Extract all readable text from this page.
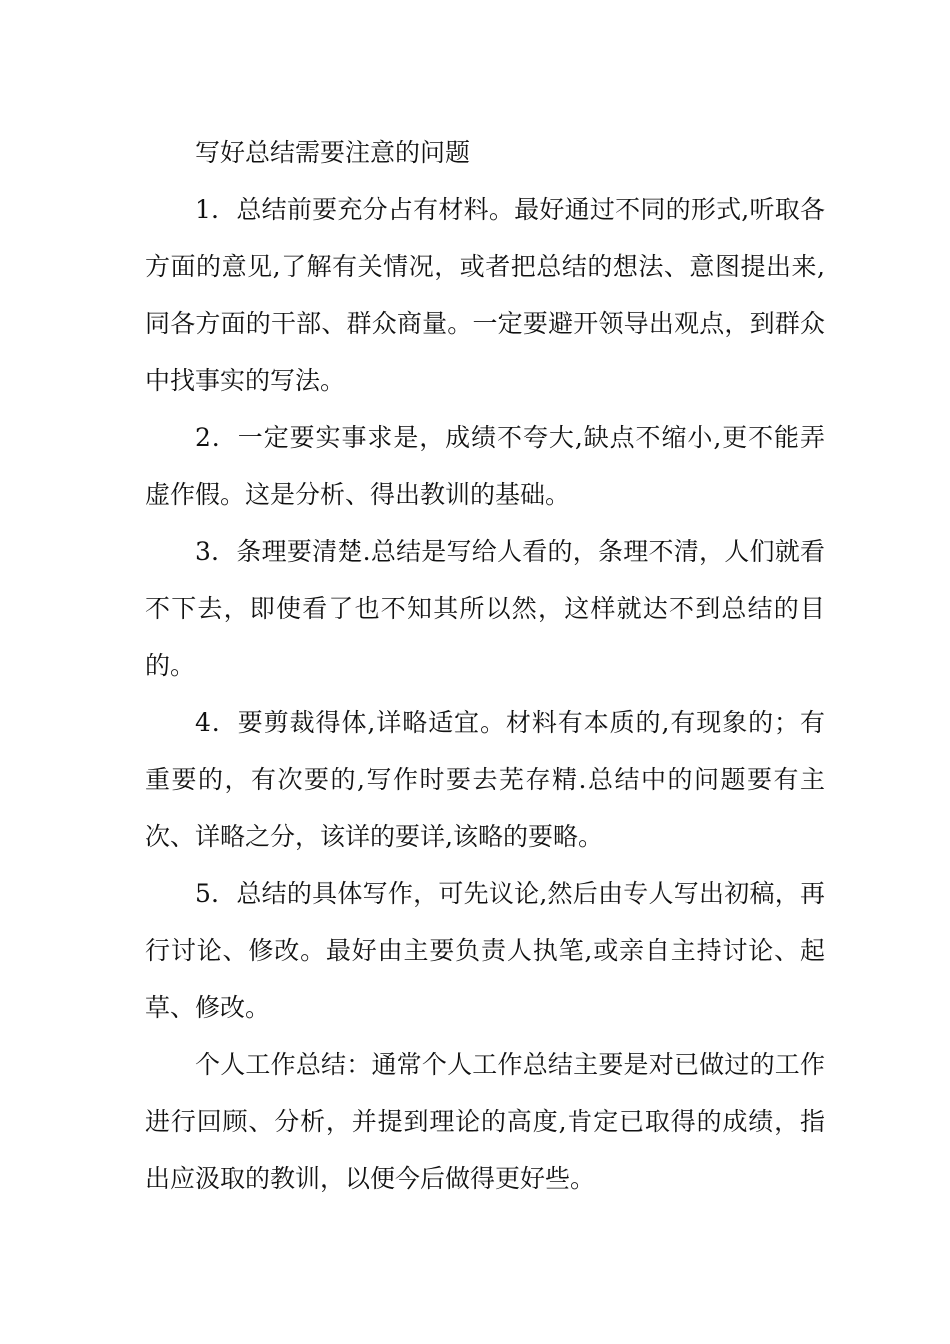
写好总结需要注意的问题

1．总结前要充分占有材料。最好通过不同的形式,听取各方面的意见,了解有关情况，或者把总结的想法、意图提出来,同各方面的干部、群众商量。一定要避开领导出观点，到群众中找事实的写法。

2．一定要实事求是，成绩不夸大,缺点不缩小,更不能弄虚作假。这是分析、得出教训的基础。

3．条理要清楚.总结是写给人看的，条理不清，人们就看不下去，即使看了也不知其所以然，这样就达不到总结的目的。

4．要剪裁得体,详略适宜。材料有本质的,有现象的；有重要的，有次要的,写作时要去芜存精.总结中的问题要有主次、详略之分，该详的要详,该略的要略。

5．总结的具体写作，可先议论,然后由专人写出初稿，再行讨论、修改。最好由主要负责人执笔,或亲自主持讨论、起草、修改。

个人工作总结：通常个人工作总结主要是对已做过的工作进行回顾、分析，并提到理论的高度,肯定已取得的成绩，指出应汲取的教训，以便今后做得更好些。
